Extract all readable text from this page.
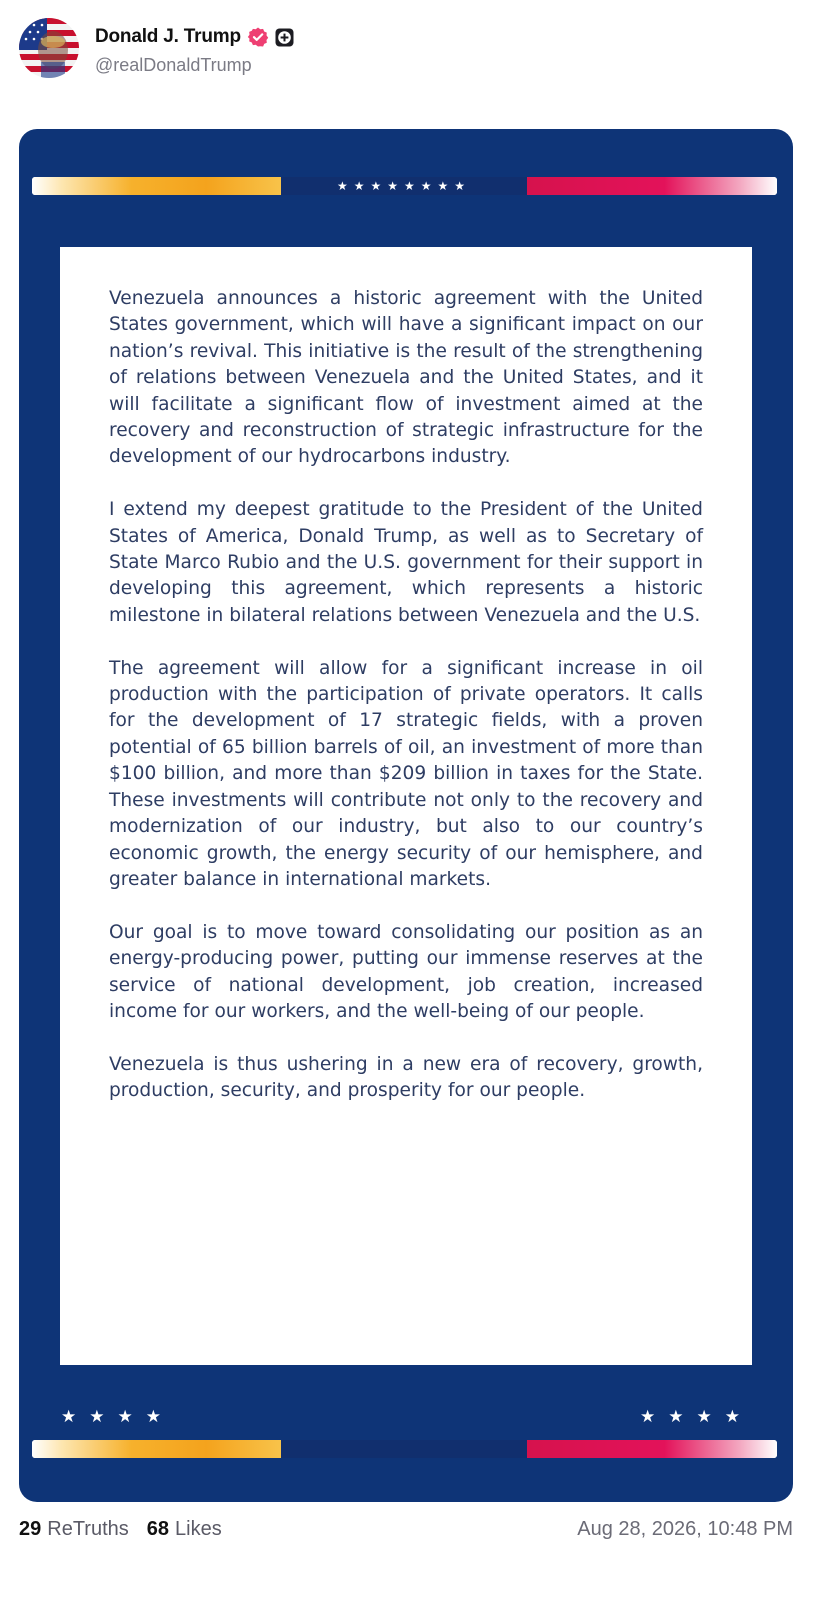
Donald J. Trump
@realDonaldTrump
★★★★★★★★

Venezuela announces a historic agreement with the United States government, which will have a significant impact on our nation’s revival. This initiative is the result of the strengthening of relations between Venezuela and the United States, and it will facilitate a significant flow of investment aimed at the recovery and reconstruction of strategic infrastructure for the development of our hydrocarbons industry.

I extend my deepest gratitude to the President of the United States of America, Donald Trump, as well as to Secretary of State Marco Rubio and the U.S. government for their support in developing this agreement, which represents a historic milestone in bilateral relations between Venezuela and the U.S.

The agreement will allow for a significant increase in oil production with the participation of private operators. It calls for the development of 17 strategic fields, with a proven potential of 65 billion barrels of oil, an investment of more than $100 billion, and more than $209 billion in taxes for the State. These investments will contribute not only to the recovery and modernization of our industry, but also to our country’s economic growth, the energy security of our hemisphere, and greater balance in international markets.

Our goal is to move toward consolidating our position as an energy-producing power, putting our immense reserves at the service of national development, job creation, increased income for our workers, and the well-being of our people.

Venezuela is thus ushering in a new era of recovery, growth, production, security, and prosperity for our people.

★★★★	★★★★
29 ReTruths 68 Likes	Aug 28, 2026, 10:48 PM
